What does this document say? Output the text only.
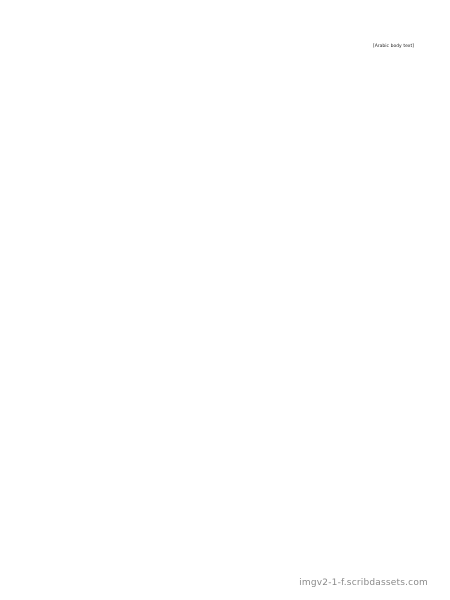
[Arabic body text]

imgv2-1-f.scribdassets.com
